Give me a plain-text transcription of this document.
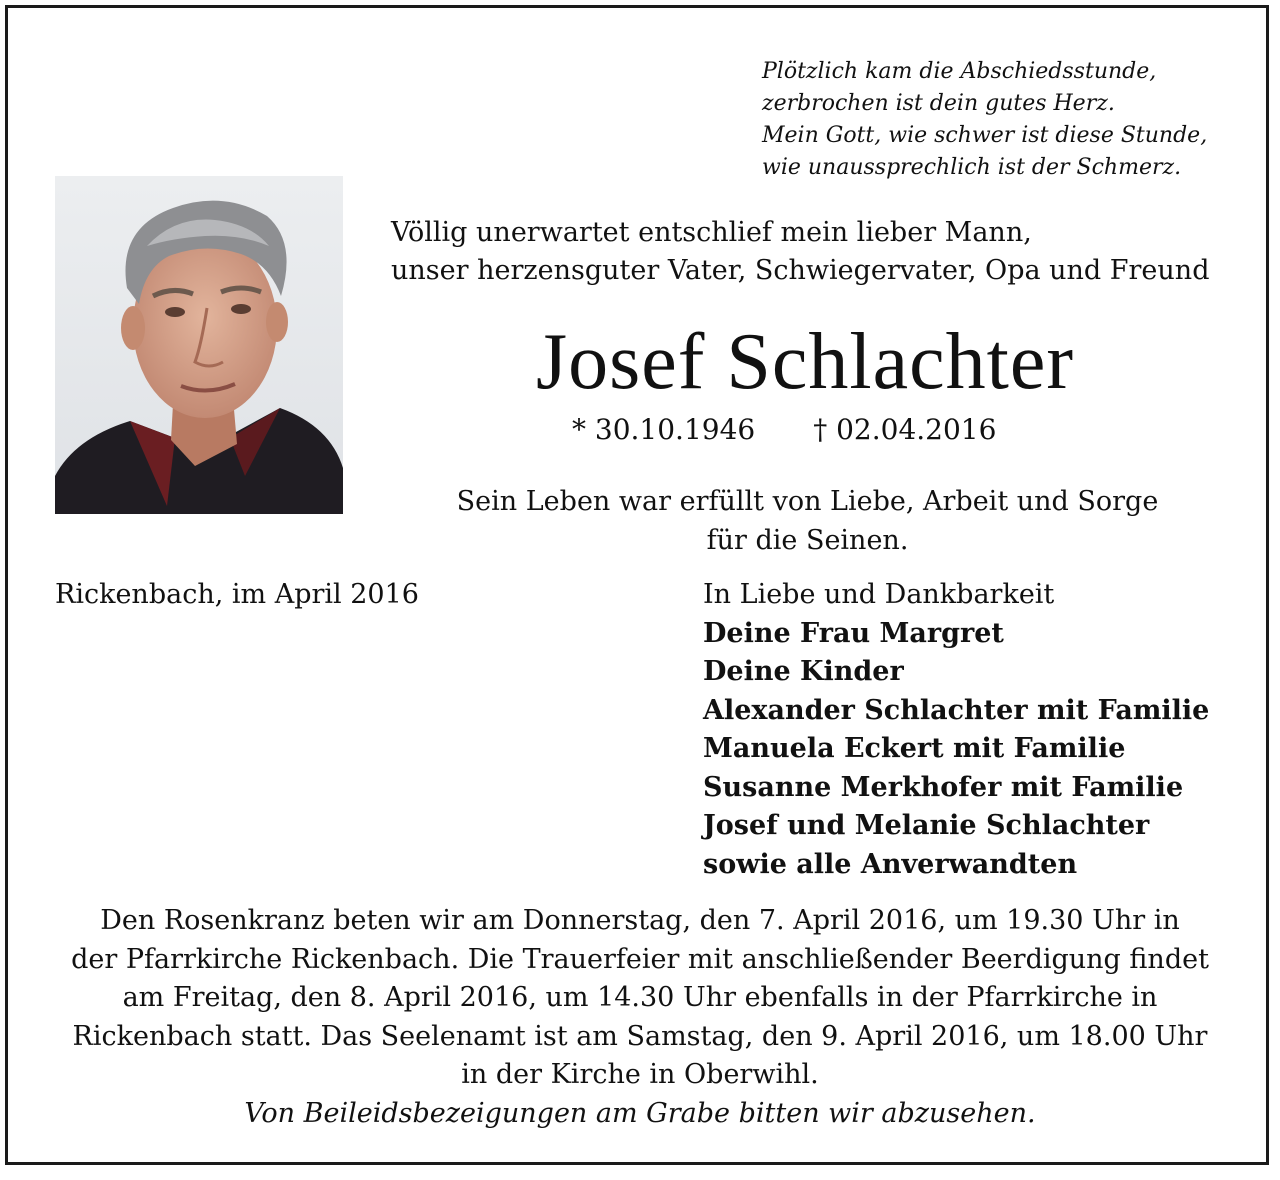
Plötzlich kam die Abschiedsstunde,
zerbrochen ist dein gutes Herz.
Mein Gott, wie schwer ist diese Stunde,
wie unaussprechlich ist der Schmerz.
Völlig unerwartet entschlief mein lieber Mann,
unser herzensguter Vater, Schwiegervater, Opa und Freund
Josef Schlachter
* 30.10.1946 † 02.04.2016
Sein Leben war erfüllt von Liebe, Arbeit und Sorge
für die Seinen.
Rickenbach, im April 2016	In Liebe und Dankbarkeit
Deine Frau Margret
Deine Kinder
Alexander Schlachter mit Familie
Manuela Eckert mit Familie
Susanne Merkhofer mit Familie
Josef und Melanie Schlachter
sowie alle Anverwandten
Den Rosenkranz beten wir am Donnerstag, den 7. April 2016, um 19.30 Uhr in
der Pfarrkirche Rickenbach. Die Trauerfeier mit anschließender Beerdigung findet
am Freitag, den 8. April 2016, um 14.30 Uhr ebenfalls in der Pfarrkirche in
Rickenbach statt. Das Seelenamt ist am Samstag, den 9. April 2016, um 18.00 Uhr
in der Kirche in Oberwihl.
Von Beileidsbezeigungen am Grabe bitten wir abzusehen.
